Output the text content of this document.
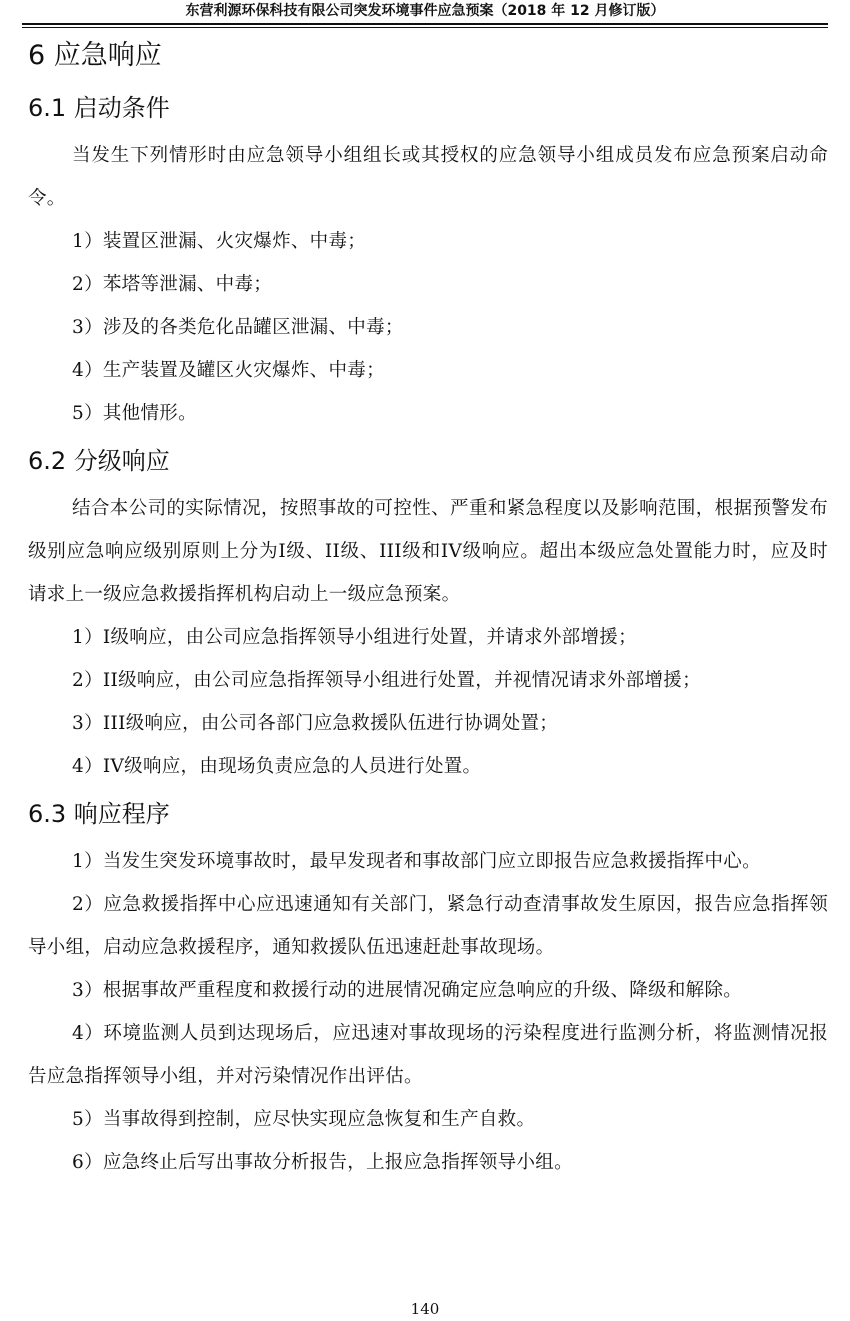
东营利源环保科技有限公司突发环境事件应急预案（2018 年 12 月修订版）
6 应急响应
6.1 启动条件

当发生下列情形时由应急领导小组组长或其授权的应急领导小组成员发布应急预案启动命令。

1）装置区泄漏、火灾爆炸、中毒；

2）苯塔等泄漏、中毒；

3）涉及的各类危化品罐区泄漏、中毒；

4）生产装置及罐区火灾爆炸、中毒；

5）其他情形。

6.2 分级响应

结合本公司的实际情况，按照事故的可控性、严重和紧急程度以及影响范围，根据预警发布级别应急响应级别原则上分为I级、II级、III级和IV级响应。超出本级应急处置能力时，应及时请求上一级应急救援指挥机构启动上一级应急预案。

1）I级响应，由公司应急指挥领导小组进行处置，并请求外部增援；

2）II级响应，由公司应急指挥领导小组进行处置，并视情况请求外部增援；

3）III级响应，由公司各部门应急救援队伍进行协调处置；

4）IV级响应，由现场负责应急的人员进行处置。

6.3 响应程序

1）当发生突发环境事故时，最早发现者和事故部门应立即报告应急救援指挥中心。

2）应急救援指挥中心应迅速通知有关部门，紧急行动查清事故发生原因，报告应急指挥领导小组，启动应急救援程序，通知救援队伍迅速赶赴事故现场。

3）根据事故严重程度和救援行动的进展情况确定应急响应的升级、降级和解除。

4）环境监测人员到达现场后，应迅速对事故现场的污染程度进行监测分析，将监测情况报告应急指挥领导小组，并对污染情况作出评估。

5）当事故得到控制，应尽快实现应急恢复和生产自救。

6）应急终止后写出事故分析报告，上报应急指挥领导小组。

140
